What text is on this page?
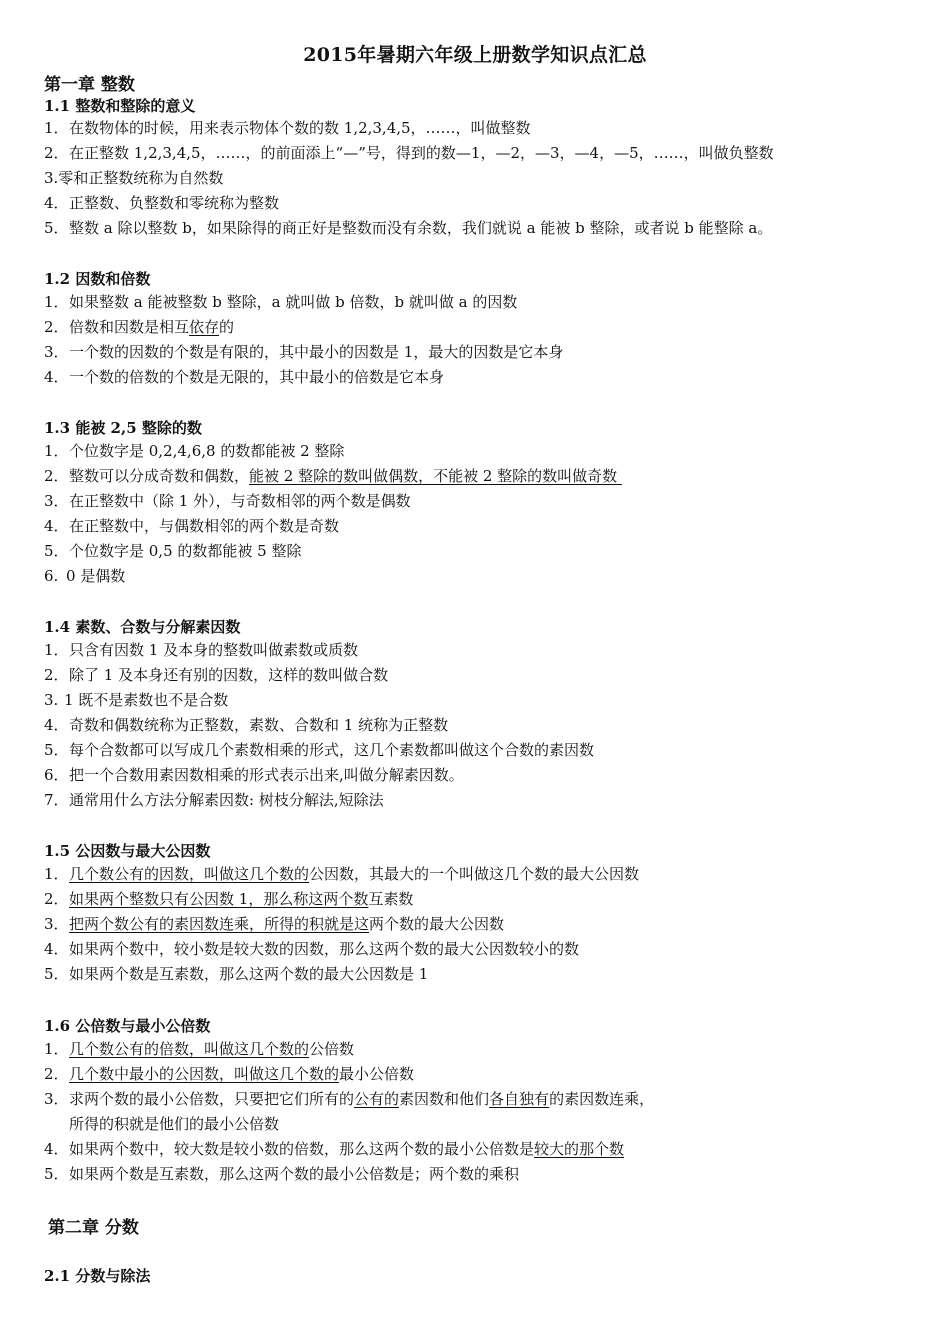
2015年暑期六年级上册数学知识点汇总
第一章 整数
1.1 整数和整除的意义
1．在数物体的时候，用来表示物体个数的数 1,2,3,4,5，……，叫做整数
2．在正整数 1,2,3,4,5，……，的前面添上“—”号，得到的数—1，—2，—3，—4，—5，……，叫做负整数
3.零和正整数统称为自然数
4．正整数、负整数和零统称为整数
5．整数 a 除以整数 b，如果除得的商正好是整数而没有余数，我们就说 a 能被 b 整除，或者说 b 能整除 a。
1.2 因数和倍数
1．如果整数 a 能被整数 b 整除，a 就叫做 b 倍数，b 就叫做 a 的因数
2．倍数和因数是相互依存的
3．一个数的因数的个数是有限的，其中最小的因数是 1，最大的因数是它本身
4．一个数的倍数的个数是无限的，其中最小的倍数是它本身
1.3 能被 2,5 整除的数
1．个位数字是 0,2,4,6,8 的数都能被 2 整除
2．整数可以分成奇数和偶数，能被 2 整除的数叫做偶数，不能被 2 整除的数叫做奇数
3．在正整数中（除 1 外），与奇数相邻的两个数是偶数
4．在正整数中，与偶数相邻的两个数是奇数
5．个位数字是 0,5 的数都能被 5 整除
6. 0 是偶数
1.4 素数、合数与分解素因数
1．只含有因数 1 及本身的整数叫做素数或质数
2．除了 1 及本身还有别的因数，这样的数叫做合数
3. 1 既不是素数也不是合数
4．奇数和偶数统称为正整数，素数、合数和 1 统称为正整数
5．每个合数都可以写成几个素数相乘的形式，这几个素数都叫做这个合数的素因数
6．把一个合数用素因数相乘的形式表示出来,叫做分解素因数。
7．通常用什么方法分解素因数: 树枝分解法,短除法
1.5 公因数与最大公因数
1．几个数公有的因数，叫做这几个数的公因数，其最大的一个叫做这几个数的最大公因数
2．如果两个整数只有公因数 1，那么称这两个数互素数
3．把两个数公有的素因数连乘，所得的积就是这两个数的最大公因数
4．如果两个数中，较小数是较大数的因数，那么这两个数的最大公因数较小的数
5．如果两个数是互素数，那么这两个数的最大公因数是 1
1.6 公倍数与最小公倍数
1．几个数公有的倍数，叫做这几个数的公倍数
2．几个数中最小的公因数，叫做这几个数的最小公倍数
3．求两个数的最小公倍数，只要把它们所有的公有的素因数和他们各自独有的素因数连乘，
所得的积就是他们的最小公倍数
4．如果两个数中，较大数是较小数的倍数，那么这两个数的最小公倍数是较大的那个数
5．如果两个数是互素数，那么这两个数的最小公倍数是；两个数的乘积
第二章 分数
2.1 分数与除法
